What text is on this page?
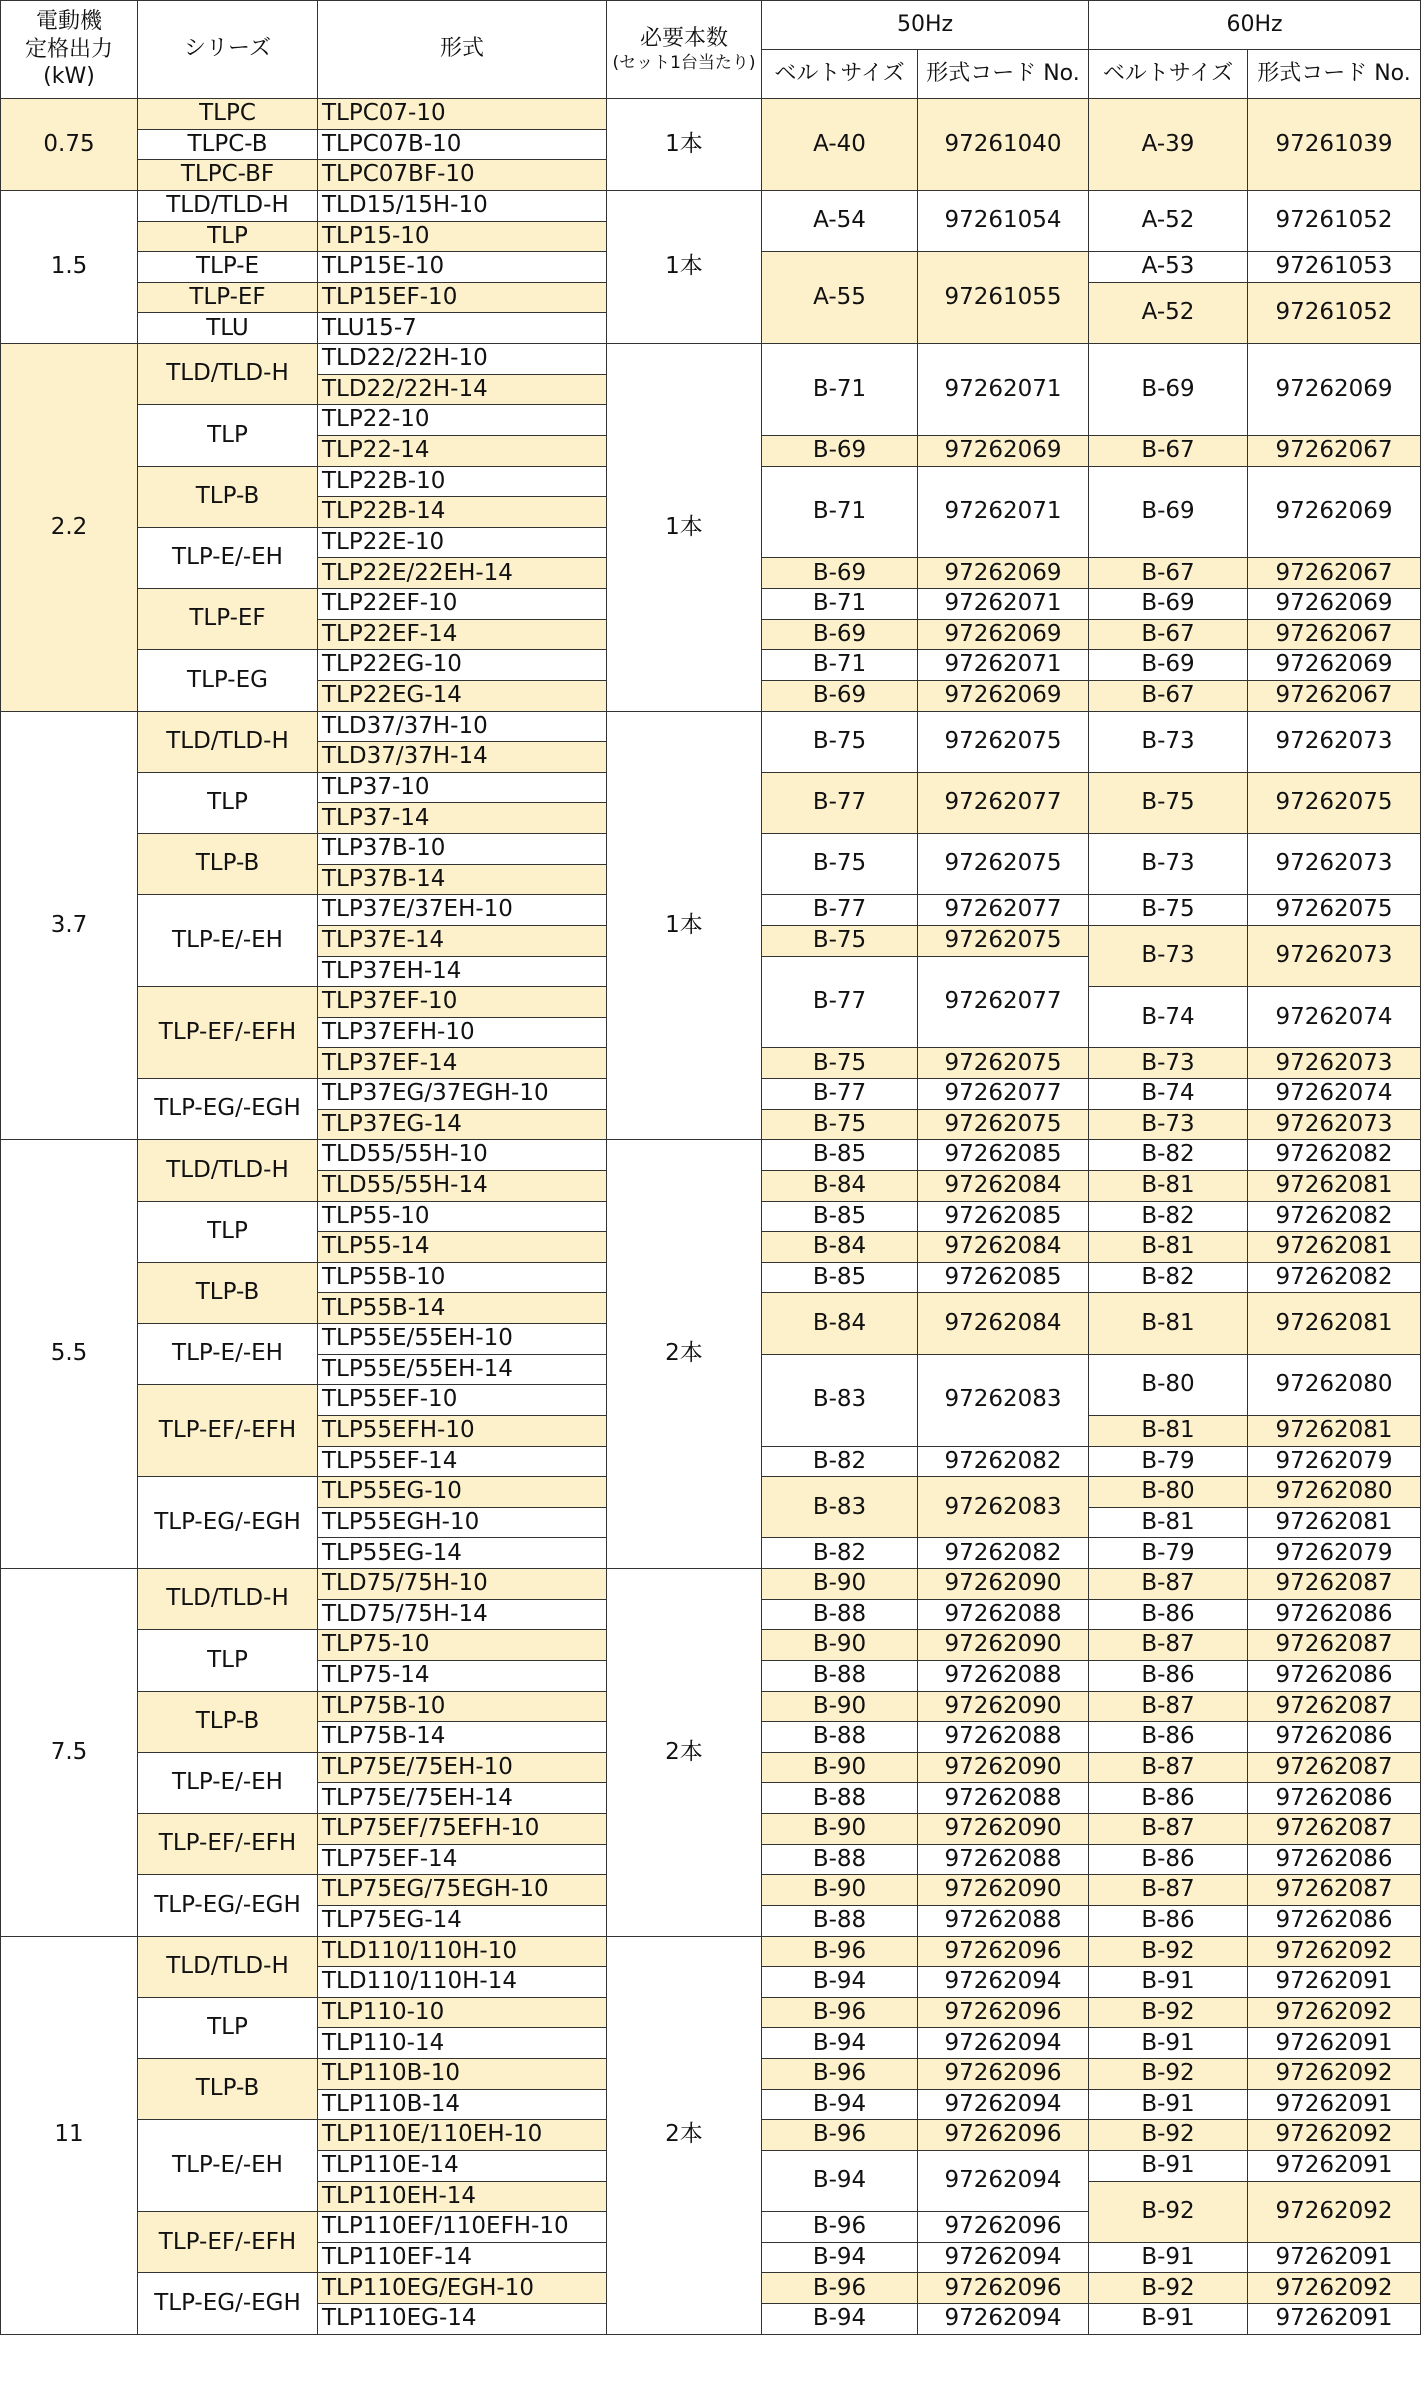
電動機
定格出力
(kW)	シリーズ	形式	必要本数
(セット1台当たり)	50Hz		60Hz	
				ベルトサイズ	形式コード No.	ベルトサイズ	形式コード No.
0.75	TLPC	TLPC07-10	1本	A-40	97261040	A-39	97261039
	TLPC-B	TLPC07B-10					
	TLPC-BF	TLPC07BF-10					
1.5	TLD/TLD-H	TLD15/15H-10	1本	A-54	97261054	A-52	97261052
	TLP	TLP15-10					
	TLP-E	TLP15E-10		A-55	97261055	A-53	97261053
	TLP-EF	TLP15EF-10				A-52	97261052
	TLU	TLU15-7					
2.2	TLD/TLD-H	TLD22/22H-10	1本	B-71	97262071	B-69	97262069
		TLD22/22H-14					
	TLP	TLP22-10					
		TLP22-14		B-69	97262069	B-67	97262067
	TLP-B	TLP22B-10		B-71	97262071	B-69	97262069
		TLP22B-14					
	TLP-E/-EH	TLP22E-10					
		TLP22E/22EH-14		B-69	97262069	B-67	97262067
	TLP-EF	TLP22EF-10		B-71	97262071	B-69	97262069
		TLP22EF-14		B-69	97262069	B-67	97262067
	TLP-EG	TLP22EG-10		B-71	97262071	B-69	97262069
		TLP22EG-14		B-69	97262069	B-67	97262067
3.7	TLD/TLD-H	TLD37/37H-10	1本	B-75	97262075	B-73	97262073
		TLD37/37H-14					
	TLP	TLP37-10		B-77	97262077	B-75	97262075
		TLP37-14					
	TLP-B	TLP37B-10		B-75	97262075	B-73	97262073
		TLP37B-14					
	TLP-E/-EH	TLP37E/37EH-10		B-77	97262077	B-75	97262075
		TLP37E-14		B-75	97262075	B-73	97262073
		TLP37EH-14		B-77	97262077		
	TLP-EF/-EFH	TLP37EF-10				B-74	97262074
		TLP37EFH-10					
		TLP37EF-14		B-75	97262075	B-73	97262073
	TLP-EG/-EGH	TLP37EG/37EGH-10		B-77	97262077	B-74	97262074
		TLP37EG-14		B-75	97262075	B-73	97262073
5.5	TLD/TLD-H	TLD55/55H-10	2本	B-85	97262085	B-82	97262082
		TLD55/55H-14		B-84	97262084	B-81	97262081
	TLP	TLP55-10		B-85	97262085	B-82	97262082
		TLP55-14		B-84	97262084	B-81	97262081
	TLP-B	TLP55B-10		B-85	97262085	B-82	97262082
		TLP55B-14		B-84	97262084	B-81	97262081
	TLP-E/-EH	TLP55E/55EH-10					
		TLP55E/55EH-14		B-83	97262083	B-80	97262080
	TLP-EF/-EFH	TLP55EF-10					
		TLP55EFH-10				B-81	97262081
		TLP55EF-14		B-82	97262082	B-79	97262079
	TLP-EG/-EGH	TLP55EG-10		B-83	97262083	B-80	97262080
		TLP55EGH-10				B-81	97262081
		TLP55EG-14		B-82	97262082	B-79	97262079
7.5	TLD/TLD-H	TLD75/75H-10	2本	B-90	97262090	B-87	97262087
		TLD75/75H-14		B-88	97262088	B-86	97262086
	TLP	TLP75-10		B-90	97262090	B-87	97262087
		TLP75-14		B-88	97262088	B-86	97262086
	TLP-B	TLP75B-10		B-90	97262090	B-87	97262087
		TLP75B-14		B-88	97262088	B-86	97262086
	TLP-E/-EH	TLP75E/75EH-10		B-90	97262090	B-87	97262087
		TLP75E/75EH-14		B-88	97262088	B-86	97262086
	TLP-EF/-EFH	TLP75EF/75EFH-10		B-90	97262090	B-87	97262087
		TLP75EF-14		B-88	97262088	B-86	97262086
	TLP-EG/-EGH	TLP75EG/75EGH-10		B-90	97262090	B-87	97262087
		TLP75EG-14		B-88	97262088	B-86	97262086
11	TLD/TLD-H	TLD110/110H-10	2本	B-96	97262096	B-92	97262092
		TLD110/110H-14		B-94	97262094	B-91	97262091
	TLP	TLP110-10		B-96	97262096	B-92	97262092
		TLP110-14		B-94	97262094	B-91	97262091
	TLP-B	TLP110B-10		B-96	97262096	B-92	97262092
		TLP110B-14		B-94	97262094	B-91	97262091
	TLP-E/-EH	TLP110E/110EH-10		B-96	97262096	B-92	97262092
		TLP110E-14		B-94	97262094	B-91	97262091
		TLP110EH-14				B-92	97262092
	TLP-EF/-EFH	TLP110EF/110EFH-10		B-96	97262096		
		TLP110EF-14		B-94	97262094	B-91	97262091
	TLP-EG/-EGH	TLP110EG/EGH-10		B-96	97262096	B-92	97262092
		TLP110EG-14		B-94	97262094	B-91	97262091
